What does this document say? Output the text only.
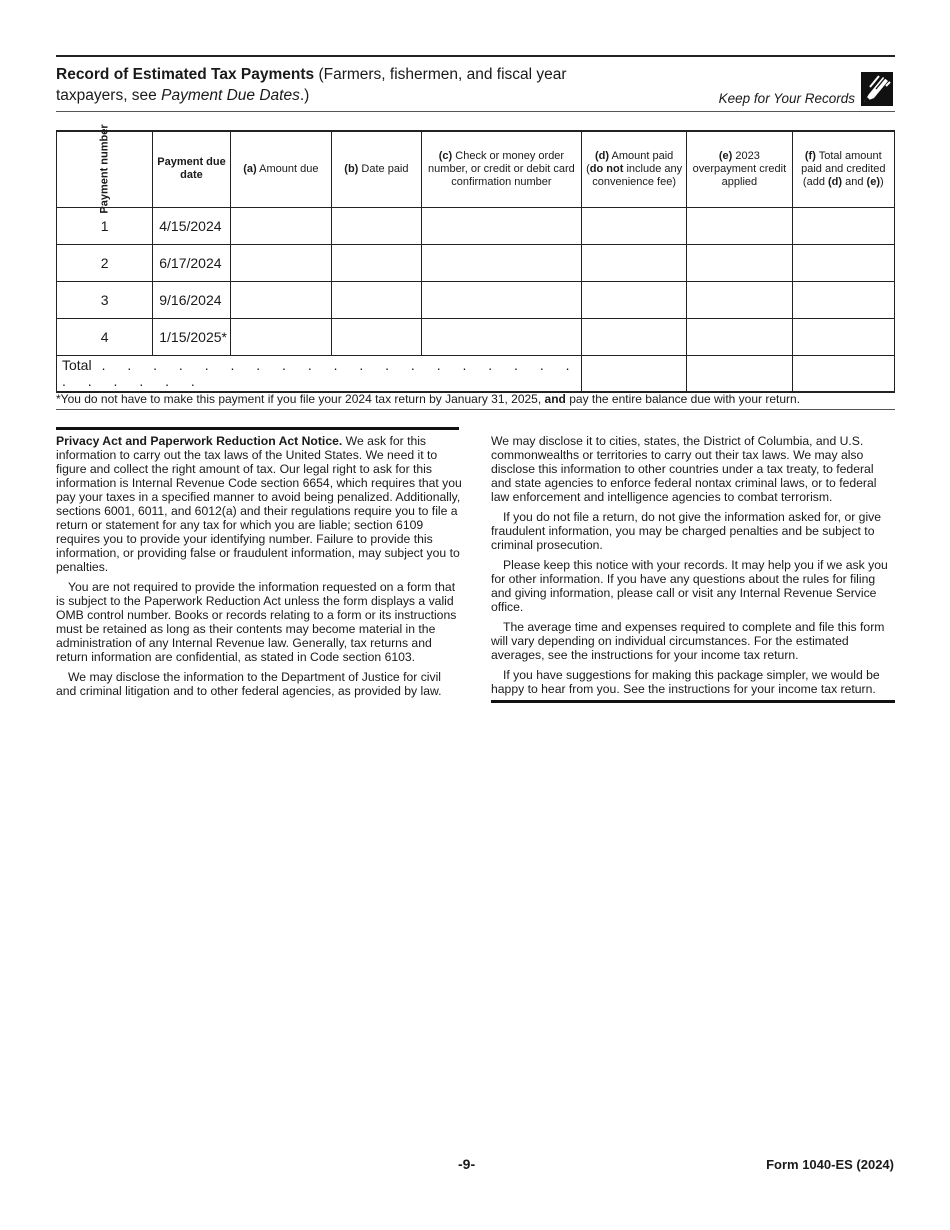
Record of Estimated Tax Payments (Farmers, fishermen, and fiscal year taxpayers, see Payment Due Dates.)	Keep for Your Records
Payment number	Payment due date	(a) Amount due	(b) Date paid	(c) Check or money order number, or credit or debit card confirmation number	(d) Amount paid (do not include any convenience fee)	(e) 2023 overpayment credit applied	(f) Total amount paid and credited (add (d) and (e))
1	4/15/2024						
2	6/17/2024						
3	9/16/2024						
4	1/15/2025*						
Total . . . . . . . . . . . . . . . . . . . . . . . . .							
*You do not have to make this payment if you file your 2024 tax return by January 31, 2025, and pay the entire balance due with your return.

Privacy Act and Paperwork Reduction Act Notice. We ask for this information to carry out the tax laws of the United States. We need it to figure and collect the right amount of tax. Our legal right to ask for this information is Internal Revenue Code section 6654, which requires that you pay your taxes in a specified manner to avoid being penalized. Additionally, sections 6001, 6011, and 6012(a) and their regulations require you to file a return or statement for any tax for which you are liable; section 6109 requires you to provide your identifying number. Failure to provide this information, or providing false or fraudulent information, may subject you to penalties.

You are not required to provide the information requested on a form that is subject to the Paperwork Reduction Act unless the form displays a valid OMB control number. Books or records relating to a form or its instructions must be retained as long as their contents may become material in the administration of any Internal Revenue law. Generally, tax returns and return information are confidential, as stated in Code section 6103.

We may disclose the information to the Department of Justice for civil and criminal litigation and to other federal agencies, as provided by law.

We may disclose it to cities, states, the District of Columbia, and U.S. commonwealths or territories to carry out their tax laws. We may also disclose this information to other countries under a tax treaty, to federal and state agencies to enforce federal nontax criminal laws, or to federal law enforcement and intelligence agencies to combat terrorism.

If you do not file a return, do not give the information asked for, or give fraudulent information, you may be charged penalties and be subject to criminal prosecution.

Please keep this notice with your records. It may help you if we ask you for other information. If you have any questions about the rules for filing and giving information, please call or visit any Internal Revenue Service office.

The average time and expenses required to complete and file this form will vary depending on individual circumstances. For the estimated averages, see the instructions for your income tax return.

If you have suggestions for making this package simpler, we would be happy to hear from you. See the instructions for your income tax return.

-9-	Form 1040-ES (2024)
